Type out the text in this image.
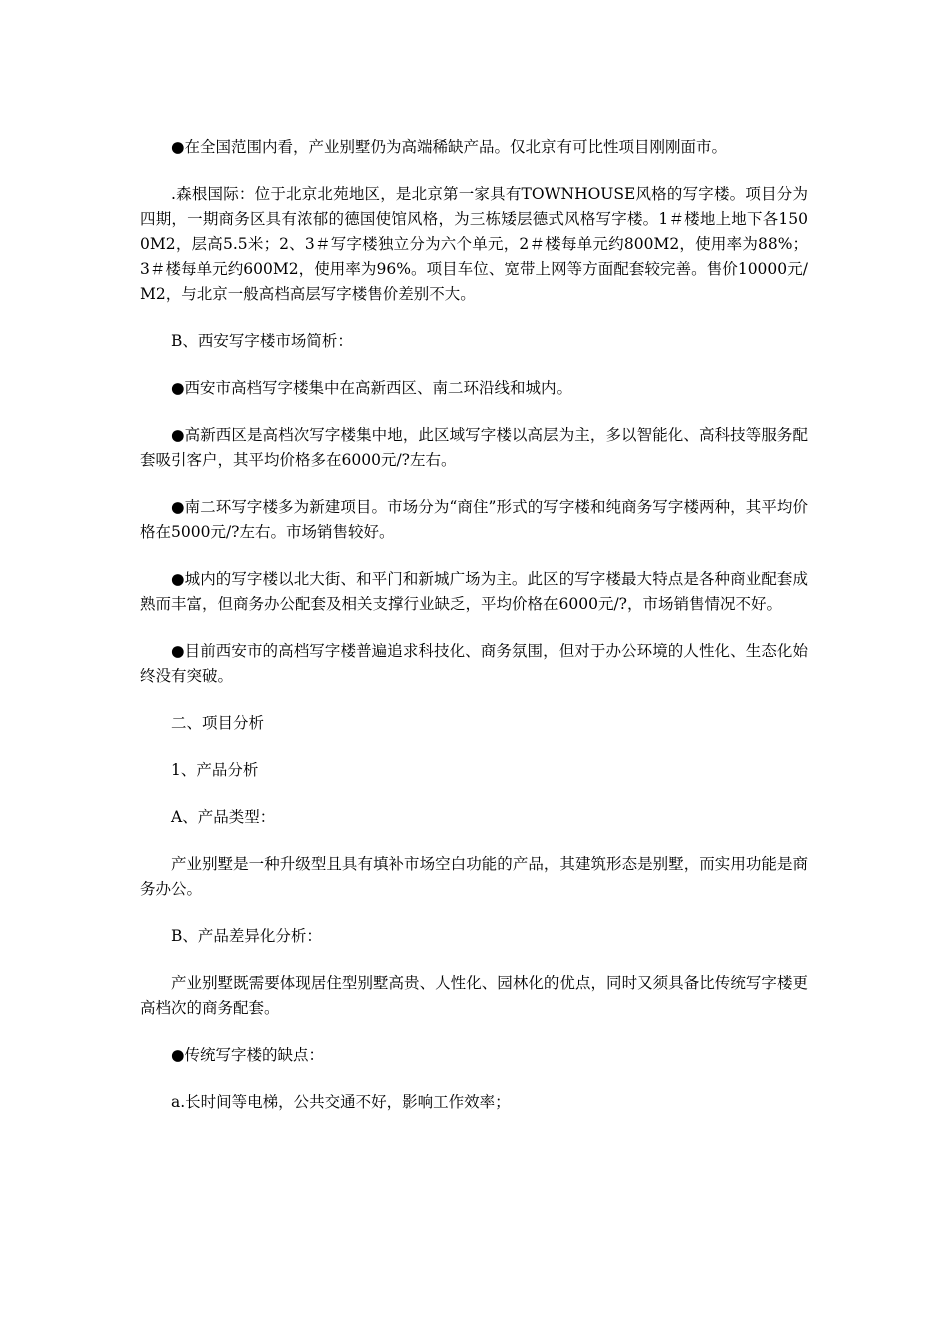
●在全国范围内看，产业别墅仍为高端稀缺产品。仅北京有可比性项目刚刚面市。

.森根国际：位于北京北苑地区，是北京第一家具有TOWNHOUSE风格的写字楼。项目分为四期，一期商务区具有浓郁的德国使馆风格，为三栋矮层德式风格写字楼。1＃楼地上地下各1500M2，层高5.5米；2、3＃写字楼独立分为六个单元，2＃楼每单元约800M2，使用率为88%；3＃楼每单元约600M2，使用率为96%。项目车位、宽带上网等方面配套较完善。售价10000元/ M2，与北京一般高档高层写字楼售价差别不大。

B、西安写字楼市场简析：

●西安市高档写字楼集中在高新西区、南二环沿线和城内。

●高新西区是高档次写字楼集中地，此区域写字楼以高层为主，多以智能化、高科技等服务配套吸引客户，其平均价格多在6000元/?左右。

●南二环写字楼多为新建项目。市场分为“商住”形式的写字楼和纯商务写字楼两种，其平均价格在5000元/?左右。市场销售较好。

●城内的写字楼以北大街、和平门和新城广场为主。此区的写字楼最大特点是各种商业配套成熟而丰富，但商务办公配套及相关支撑行业缺乏，平均价格在6000元/?，市场销售情况不好。

●目前西安市的高档写字楼普遍追求科技化、商务氛围，但对于办公环境的人性化、生态化始终没有突破。

二、项目分析

1、产品分析

A、产品类型：

产业别墅是一种升级型且具有填补市场空白功能的产品，其建筑形态是别墅，而实用功能是商务办公。

B、产品差异化分析：

产业别墅既需要体现居住型别墅高贵、人性化、园林化的优点，同时又须具备比传统写字楼更高档次的商务配套。

●传统写字楼的缺点：

a.长时间等电梯，公共交通不好，影响工作效率；
